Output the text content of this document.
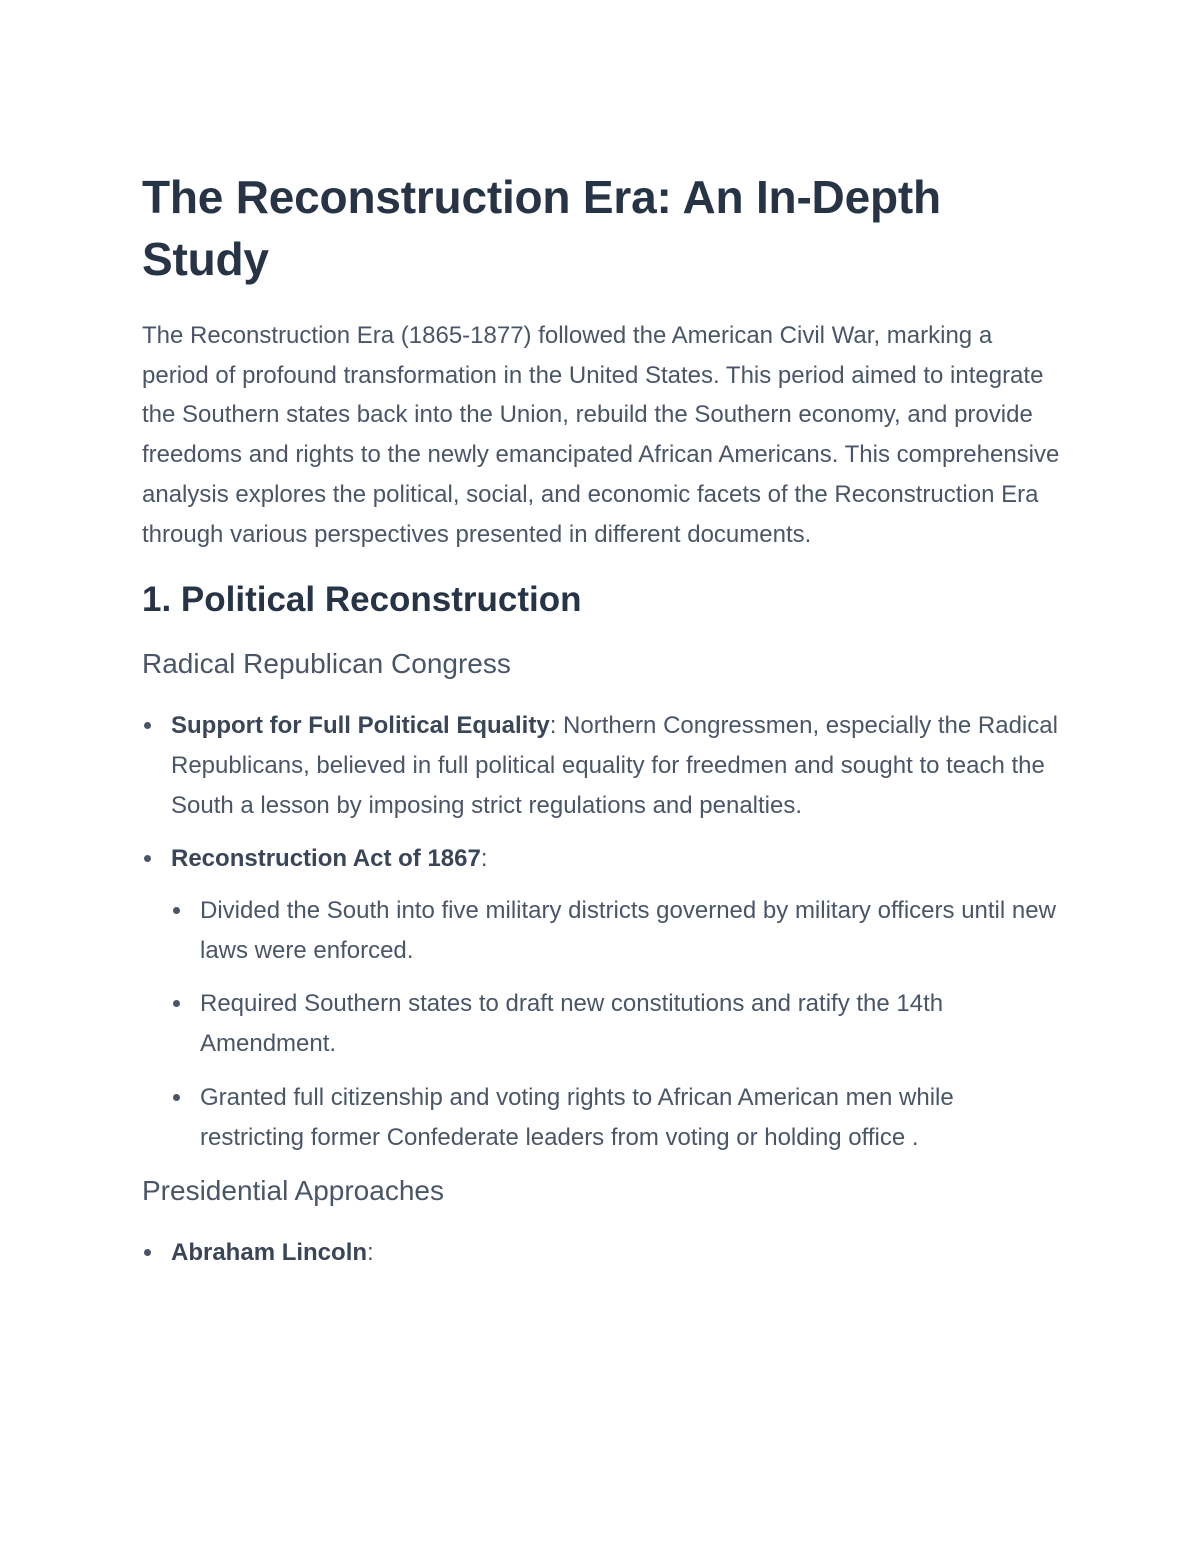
The Reconstruction Era: An In-Depth Study

The Reconstruction Era (1865-1877) followed the American Civil War, marking a period of profound transformation in the United States. This period aimed to integrate the Southern states back into the Union, rebuild the Southern economy, and provide freedoms and rights to the newly emancipated African Americans. This comprehensive analysis explores the political, social, and economic facets of the Reconstruction Era through various perspectives presented in different documents.

1. Political Reconstruction
Radical Republican Congress
Support for Full Political Equality: Northern Congressmen, especially the Radical Republicans, believed in full political equality for freedmen and sought to teach the South a lesson by imposing strict regulations and penalties.
Reconstruction Act of 1867:
Divided the South into five military districts governed by military officers until new laws were enforced.
Required Southern states to draft new constitutions and ratify the 14th Amendment.
Granted full citizenship and voting rights to African American men while restricting former Confederate leaders from voting or holding office .
Presidential Approaches
Abraham Lincoln:
